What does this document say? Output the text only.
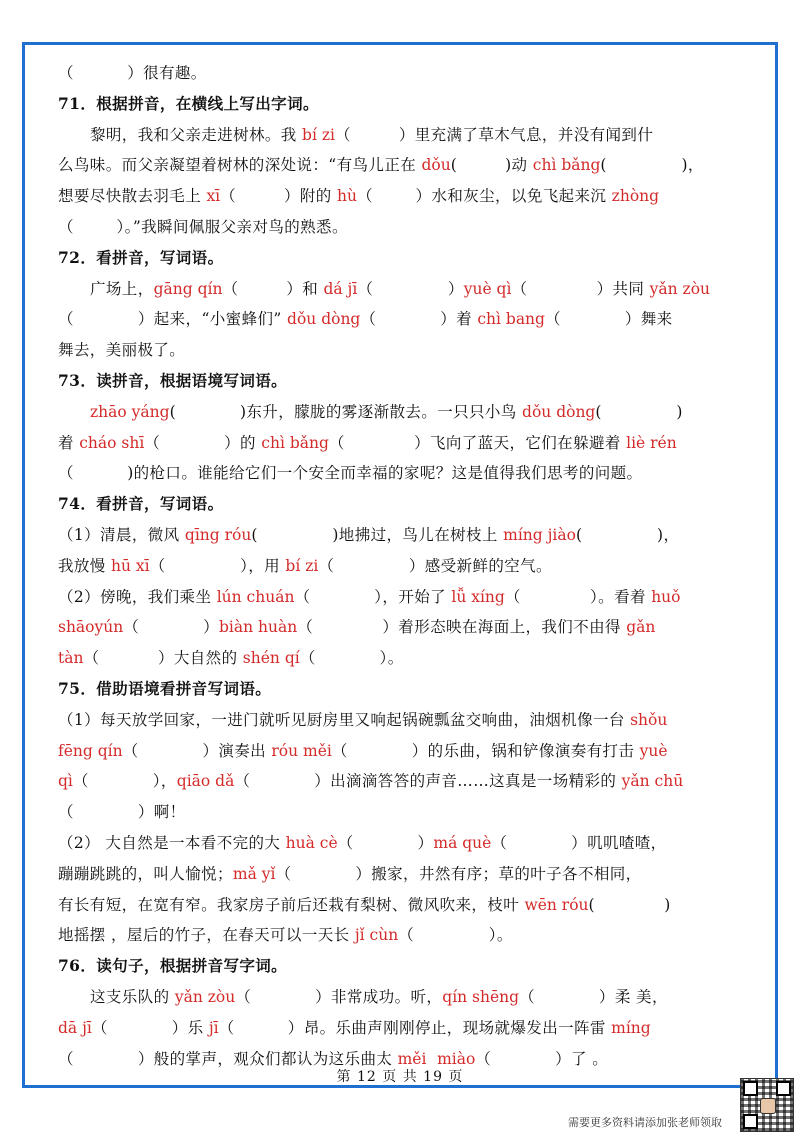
（	）很有趣。
71．根据拼音，在横线上写出字词。
黎明，我和父亲走进树林。我 bí zi（	）里充满了草木气息，并没有闻到什
么鸟味。而父亲凝望着树林的深处说：“有鸟儿正在 dǒu(	)动 chì bǎng(	)，
想要尽快散去羽毛上 xī（	）附的 hù（	）水和灰尘，以免飞起来沉 zhòng
（	）。”我瞬间佩服父亲对鸟的熟悉。
72．看拼音，写词语。
广场上，gāng qín（	）和 dá jī（	）yuè qì（	）共同 yǎn zòu
（	）起来，“小蜜蜂们” dǒu dòng（	）着 chì bang（	）舞来
舞去，美丽极了。
73．读拼音，根据语境写词语。
zhāo yáng(	)东升，朦胧的雾逐渐散去。一只只小鸟 dǒu dòng(	)
着 cháo shī（	）的 chì bǎng（	）飞向了蓝天，它们在躲避着 liè rén
（	)的枪口。谁能给它们一个安全而幸福的家呢？这是值得我们思考的问题。
74．看拼音，写词语。
（1）清晨，微风 qīng róu(	)地拂过，鸟儿在树枝上 míng jiào(	)，
我放慢 hū xī（	），用 bí zi（	）感受新鲜的空气。
（2）傍晚，我们乘坐 lún chuán（	），开始了 lǚ xíng（	）。看着 huǒ
shāoyún（	）biàn huàn（	）着形态映在海面上，我们不由得 gǎn
tàn（	）大自然的 shén qí（	）。
75．借助语境看拼音写词语。
（1）每天放学回家，一进门就听见厨房里又响起锅碗瓢盆交响曲，油烟机像一台 shǒu
fēng qín（	）演奏出 róu měi（	）的乐曲，锅和铲像演奏有打击 yuè
qì（	），qiāo dǎ（	）出滴滴答答的声音……这真是一场精彩的 yǎn chū
（	）啊！
（2） 大自然是一本看不完的大 huà cè（	）má què（	）叽叽喳喳，
蹦蹦跳跳的，叫人愉悦；mǎ yǐ（	）搬家，井然有序；草的叶子各不相同，
有长有短，在宽有窄。我家房子前后还栽有梨树、微风吹来，枝叶 wēn róu(	)
地摇摆 ，屋后的竹子，在春天可以一天长 jǐ cùn（	）。
76．读句子，根据拼音写字词。
这支乐队的 yǎn zòu（	）非常成功。听，qín shēng（	）柔 美，
dā jī（	）乐 jī（	）昂。乐曲声刚刚停止，现场就爆发出一阵雷 míng
（	）般的掌声，观众们都认为这乐曲太 měi miào（	）了 。
第 12 页 共 19 页
需要更多资料请添加张老师领取
